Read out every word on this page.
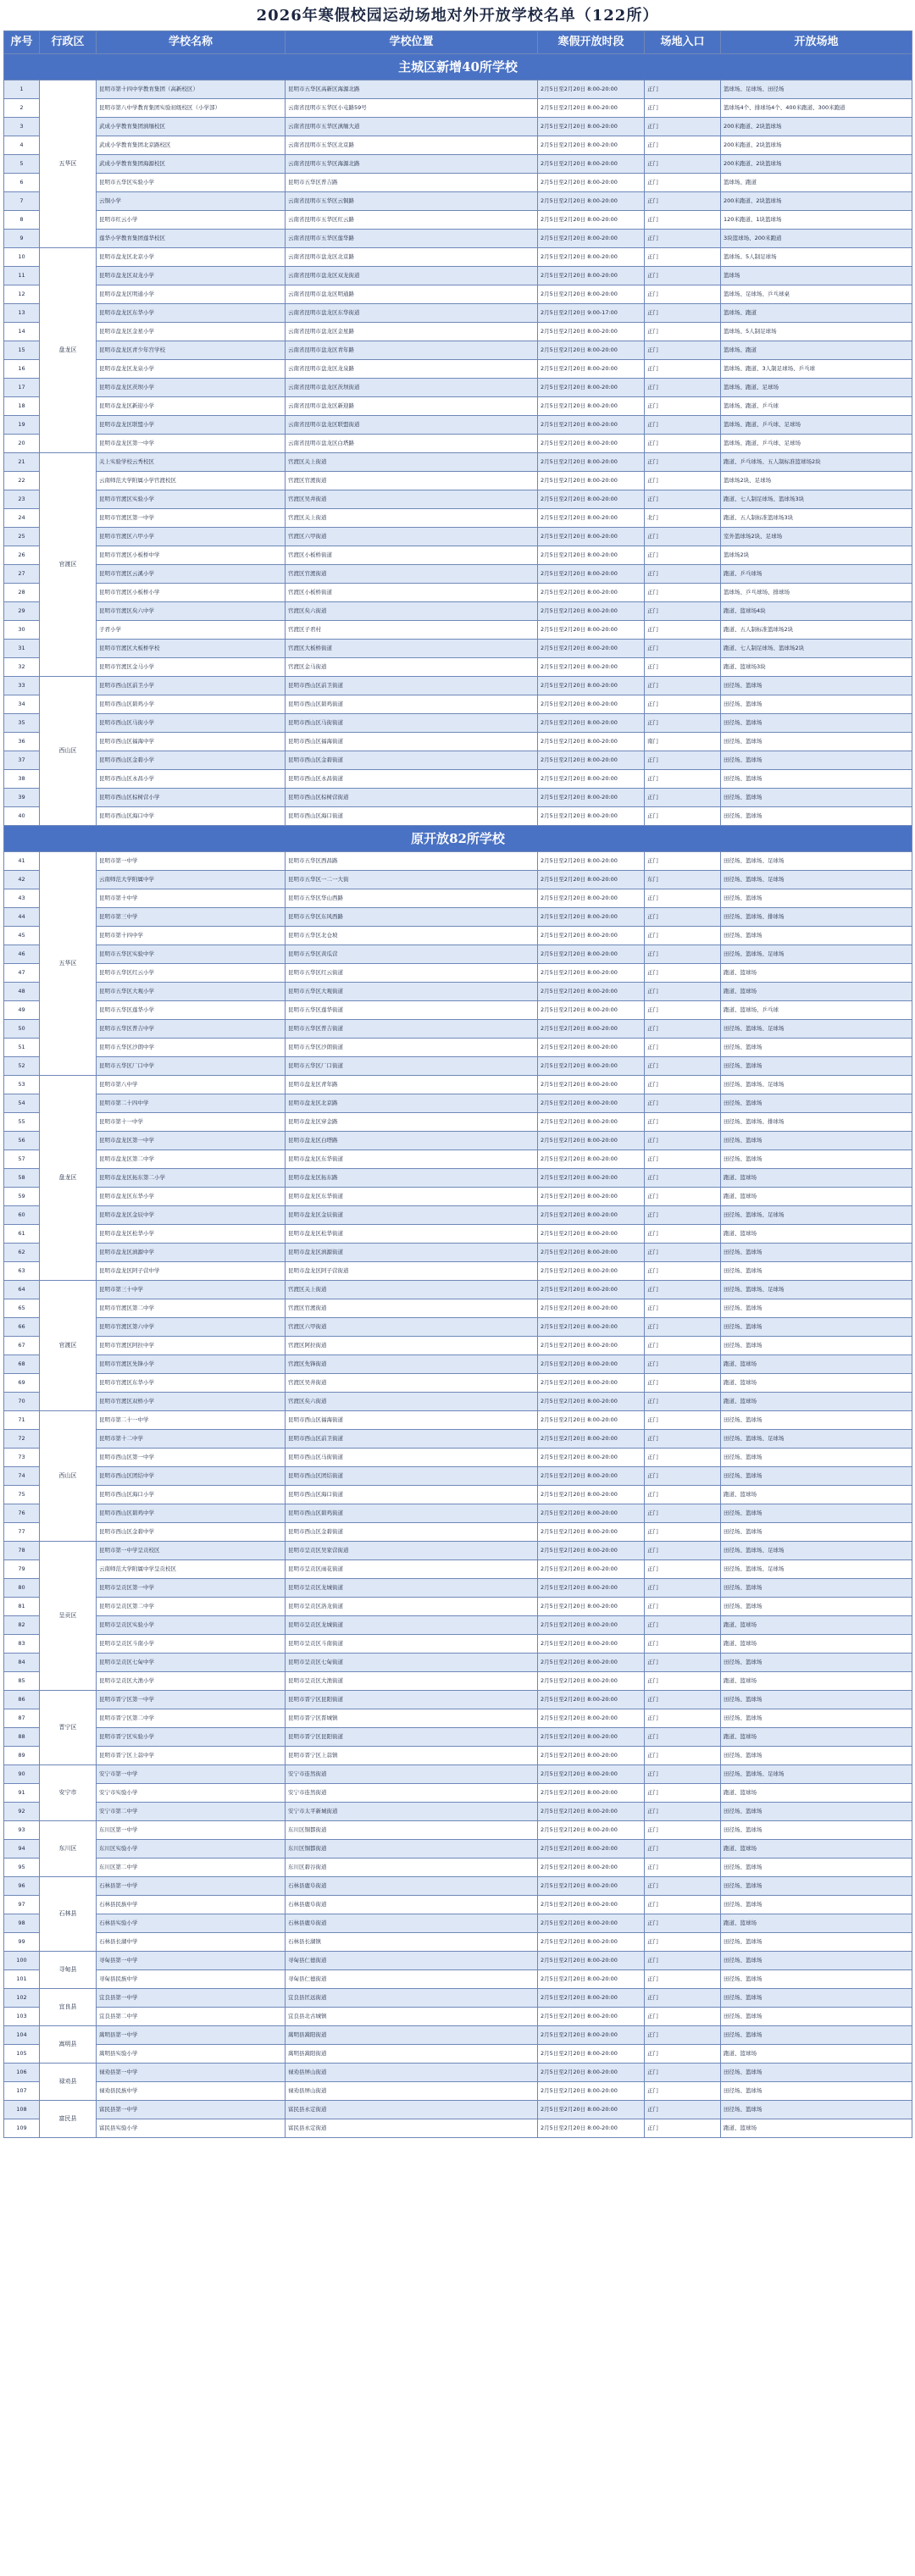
2026年寒假校园运动场地对外开放学校名单（122所）
序号	行政区	学校名称	学校位置	寒假开放时段	场地入口	开放场地
主城区新增40所学校						
1	五华区	昆明市第十四中学教育集团（高新校区）	昆明市五华区高新区海源北路	2月5日至2月20日 8:00-20:00	正门	篮球场、足球场、田径场
2		昆明市第八中学教育集团实验初级校区（小学部）	云南省昆明市五华区小屯路59号	2月5日至2月20日 8:00-20:00	正门	篮球场4个、排球场4个、400米跑道、300米跑道
3		武成小学教育集团滇缅校区	云南省昆明市五华区滇缅大道	2月5日至2月20日 8:00-20:00	正门	200米跑道、2块篮球场
4		武成小学教育集团北京路校区	云南省昆明市五华区北京路	2月5日至2月20日 8:00-20:00	正门	200米跑道、2块篮球场
5		武成小学教育集团海源校区	云南省昆明市五华区海源北路	2月5日至2月20日 8:00-20:00	正门	200米跑道、2块篮球场
6		昆明市五华区实验小学	昆明市五华区普吉路	2月5日至2月20日 8:00-20:00	正门	篮球场、跑道
7		云铜小学	云南省昆明市五华区云铜路	2月5日至2月20日 8:00-20:00	正门	200米跑道、2块篮球场
8		昆明市红云小学	云南省昆明市五华区红云路	2月5日至2月20日 8:00-20:00	正门	120米跑道、1块篮球场
9		莲华小学教育集团莲华校区	云南省昆明市五华区莲华路	2月5日至2月20日 8:00-20:00	正门	3块篮球场、200米跑道
10	盘龙区	昆明市盘龙区北京小学	云南省昆明市盘龙区北京路	2月5日至2月20日 8:00-20:00	正门	篮球场、5人制足球场
11		昆明市盘龙区双龙小学	云南省昆明市盘龙区双龙街道	2月5日至2月20日 8:00-20:00	正门	篮球场
12		昆明市盘龙区明通小学	云南省昆明市盘龙区明通路	2月5日至2月20日 8:00-20:00	正门	篮球场、足球场、乒乓球桌
13		昆明市盘龙区东华小学	云南省昆明市盘龙区东华街道	2月5日至2月20日 9:00-17:00	正门	篮球场、跑道
14		昆明市盘龙区金星小学	云南省昆明市盘龙区金星路	2月5日至2月20日 8:00-20:00	正门	篮球场、5人制足球场
15		昆明市盘龙区青少年宫学校	云南省昆明市盘龙区青年路	2月5日至2月20日 8:00-20:00	正门	篮球场、跑道
16		昆明市盘龙区龙泉小学	云南省昆明市盘龙区龙泉路	2月5日至2月20日 8:00-20:00	正门	篮球场、跑道、3人制足球场、乒乓球
17		昆明市盘龙区茨坝小学	云南省昆明市盘龙区茨坝街道	2月5日至2月20日 8:00-20:00	正门	篮球场、跑道、足球场
18		昆明市盘龙区新迎小学	云南省昆明市盘龙区新迎路	2月5日至2月20日 8:00-20:00	正门	篮球场、跑道、乒乓球
19		昆明市盘龙区联盟小学	云南省昆明市盘龙区联盟街道	2月5日至2月20日 8:00-20:00	正门	篮球场、跑道、乒乓球、足球场
20		昆明市盘龙区第一中学	云南省昆明市盘龙区白塔路	2月5日至2月20日 8:00-20:00	正门	篮球场、跑道、乒乓球、足球场
21	官渡区	关上实验学校云秀校区	官渡区关上街道	2月5日至2月20日 8:00-20:00	正门	跑道、乒乓球场、五人制标准篮球场2块
22		云南师范大学附属小学官渡校区	官渡区官渡街道	2月5日至2月20日 8:00-20:00	正门	篮球场2块、足球场
23		昆明市官渡区实验小学	官渡区吴井街道	2月5日至2月20日 8:00-20:00	正门	跑道、七人制足球场、篮球场3块
24		昆明市官渡区第一中学	官渡区关上街道	2月5日至2月20日 8:00-20:00	北门	跑道、五人制标准篮球场3块
25		昆明市官渡区六甲小学	官渡区六甲街道	2月5日至2月20日 8:00-20:00	正门	室外篮球场2块、足球场
26		昆明市官渡区小板桥中学	官渡区小板桥街道	2月5日至2月20日 8:00-20:00	正门	篮球场2块
27		昆明市官渡区云溪小学	官渡区官渡街道	2月5日至2月20日 8:00-20:00	正门	跑道、乒乓球场
28		昆明市官渡区小板桥小学	官渡区小板桥街道	2月5日至2月20日 8:00-20:00	正门	篮球场、乒乓球场、排球场
29		昆明市官渡区矣六中学	官渡区矣六街道	2月5日至2月20日 8:00-20:00	正门	跑道、篮球场4块
30		子君小学	官渡区子君村	2月5日至2月20日 8:00-20:00	正门	跑道、五人制标准篮球场2块
31		昆明市官渡区大板桥学校	官渡区大板桥街道	2月5日至2月20日 8:00-20:00	正门	跑道、七人制足球场、篮球场2块
32		昆明市官渡区金马小学	官渡区金马街道	2月5日至2月20日 8:00-20:00	正门	跑道、篮球场3块
33	西山区	昆明市西山区前卫小学	昆明市西山区前卫街道	2月5日至2月20日 8:00-20:00	正门	田径场、篮球场
34		昆明市西山区碧鸡小学	昆明市西山区碧鸡街道	2月5日至2月20日 8:00-20:00	正门	田径场、篮球场
35		昆明市西山区马街小学	昆明市西山区马街街道	2月5日至2月20日 8:00-20:00	正门	田径场、篮球场
36		昆明市西山区福海中学	昆明市西山区福海街道	2月5日至2月20日 8:00-20:00	南门	田径场、篮球场
37		昆明市西山区金碧小学	昆明市西山区金碧街道	2月5日至2月20日 8:00-20:00	正门	田径场、篮球场
38		昆明市西山区永昌小学	昆明市西山区永昌街道	2月5日至2月20日 8:00-20:00	正门	田径场、篮球场
39		昆明市西山区棕树营小学	昆明市西山区棕树营街道	2月5日至2月20日 8:00-20:00	正门	田径场、篮球场
40		昆明市西山区海口中学	昆明市西山区海口街道	2月5日至2月20日 8:00-20:00	正门	田径场、篮球场
原开放82所学校						
41	五华区	昆明市第一中学	昆明市五华区西昌路	2月5日至2月20日 8:00-20:00	正门	田径场、篮球场、足球场
42		云南师范大学附属中学	昆明市五华区一二一大街	2月5日至2月20日 8:00-20:00	东门	田径场、篮球场、足球场
43		昆明市第十中学	昆明市五华区华山西路	2月5日至2月20日 8:00-20:00	正门	田径场、篮球场
44		昆明市第三中学	昆明市五华区东风西路	2月5日至2月20日 8:00-20:00	正门	田径场、篮球场、排球场
45		昆明市第十四中学	昆明市五华区北仓坡	2月5日至2月20日 8:00-20:00	正门	田径场、篮球场
46		昆明市五华区实验中学	昆明市五华区黄瓜营	2月5日至2月20日 8:00-20:00	正门	田径场、篮球场、足球场
47		昆明市五华区红云小学	昆明市五华区红云街道	2月5日至2月20日 8:00-20:00	正门	跑道、篮球场
48		昆明市五华区大观小学	昆明市五华区大观街道	2月5日至2月20日 8:00-20:00	正门	跑道、篮球场
49		昆明市五华区莲华小学	昆明市五华区莲华街道	2月5日至2月20日 8:00-20:00	正门	跑道、篮球场、乒乓球
50		昆明市五华区普吉中学	昆明市五华区普吉街道	2月5日至2月20日 8:00-20:00	正门	田径场、篮球场、足球场
51		昆明市五华区沙朗中学	昆明市五华区沙朗街道	2月5日至2月20日 8:00-20:00	正门	田径场、篮球场
52		昆明市五华区厂口中学	昆明市五华区厂口街道	2月5日至2月20日 8:00-20:00	正门	田径场、篮球场
53	盘龙区	昆明市第八中学	昆明市盘龙区青年路	2月5日至2月20日 8:00-20:00	正门	田径场、篮球场、足球场
54		昆明市第二十四中学	昆明市盘龙区北京路	2月5日至2月20日 8:00-20:00	正门	田径场、篮球场
55		昆明市第十一中学	昆明市盘龙区穿金路	2月5日至2月20日 8:00-20:00	正门	田径场、篮球场、排球场
56		昆明市盘龙区第一中学	昆明市盘龙区白塔路	2月5日至2月20日 8:00-20:00	正门	田径场、篮球场
57		昆明市盘龙区第二中学	昆明市盘龙区东华街道	2月5日至2月20日 8:00-20:00	正门	田径场、篮球场
58		昆明市盘龙区拓东第二小学	昆明市盘龙区拓东路	2月5日至2月20日 8:00-20:00	正门	跑道、篮球场
59		昆明市盘龙区东华小学	昆明市盘龙区东华街道	2月5日至2月20日 8:00-20:00	正门	跑道、篮球场
60		昆明市盘龙区金辰中学	昆明市盘龙区金辰街道	2月5日至2月20日 8:00-20:00	正门	田径场、篮球场、足球场
61		昆明市盘龙区松华小学	昆明市盘龙区松华街道	2月5日至2月20日 8:00-20:00	正门	跑道、篮球场
62		昆明市盘龙区滇源中学	昆明市盘龙区滇源街道	2月5日至2月20日 8:00-20:00	正门	田径场、篮球场
63		昆明市盘龙区阿子营中学	昆明市盘龙区阿子营街道	2月5日至2月20日 8:00-20:00	正门	田径场、篮球场
64	官渡区	昆明市第三十中学	官渡区关上街道	2月5日至2月20日 8:00-20:00	正门	田径场、篮球场、足球场
65		昆明市官渡区第二中学	官渡区官渡街道	2月5日至2月20日 8:00-20:00	正门	田径场、篮球场
66		昆明市官渡区第六中学	官渡区六甲街道	2月5日至2月20日 8:00-20:00	正门	田径场、篮球场
67		昆明市官渡区阿拉中学	官渡区阿拉街道	2月5日至2月20日 8:00-20:00	正门	田径场、篮球场
68		昆明市官渡区先锋小学	官渡区先锋街道	2月5日至2月20日 8:00-20:00	正门	跑道、篮球场
69		昆明市官渡区东华小学	官渡区吴井街道	2月5日至2月20日 8:00-20:00	正门	跑道、篮球场
70		昆明市官渡区双桥小学	官渡区矣六街道	2月5日至2月20日 8:00-20:00	正门	跑道、篮球场
71	西山区	昆明市第二十一中学	昆明市西山区福海街道	2月5日至2月20日 8:00-20:00	正门	田径场、篮球场
72		昆明市第十二中学	昆明市西山区前卫街道	2月5日至2月20日 8:00-20:00	正门	田径场、篮球场、足球场
73		昆明市西山区第一中学	昆明市西山区马街街道	2月5日至2月20日 8:00-20:00	正门	田径场、篮球场
74		昆明市西山区团结中学	昆明市西山区团结街道	2月5日至2月20日 8:00-20:00	正门	田径场、篮球场
75		昆明市西山区海口小学	昆明市西山区海口街道	2月5日至2月20日 8:00-20:00	正门	跑道、篮球场
76		昆明市西山区碧鸡中学	昆明市西山区碧鸡街道	2月5日至2月20日 8:00-20:00	正门	田径场、篮球场
77		昆明市西山区金碧中学	昆明市西山区金碧街道	2月5日至2月20日 8:00-20:00	正门	田径场、篮球场
78	呈贡区	昆明市第一中学呈贡校区	昆明市呈贡区吴家营街道	2月5日至2月20日 8:00-20:00	正门	田径场、篮球场、足球场
79		云南师范大学附属中学呈贡校区	昆明市呈贡区雨花街道	2月5日至2月20日 8:00-20:00	正门	田径场、篮球场、足球场
80		昆明市呈贡区第一中学	昆明市呈贡区龙城街道	2月5日至2月20日 8:00-20:00	正门	田径场、篮球场
81		昆明市呈贡区第二中学	昆明市呈贡区洛龙街道	2月5日至2月20日 8:00-20:00	正门	田径场、篮球场
82		昆明市呈贡区实验小学	昆明市呈贡区龙城街道	2月5日至2月20日 8:00-20:00	正门	跑道、篮球场
83		昆明市呈贡区斗南小学	昆明市呈贡区斗南街道	2月5日至2月20日 8:00-20:00	正门	跑道、篮球场
84		昆明市呈贡区七甸中学	昆明市呈贡区七甸街道	2月5日至2月20日 8:00-20:00	正门	田径场、篮球场
85		昆明市呈贡区大渔小学	昆明市呈贡区大渔街道	2月5日至2月20日 8:00-20:00	正门	跑道、篮球场
86	晋宁区	昆明市晋宁区第一中学	昆明市晋宁区昆阳街道	2月5日至2月20日 8:00-20:00	正门	田径场、篮球场
87		昆明市晋宁区第二中学	昆明市晋宁区晋城镇	2月5日至2月20日 8:00-20:00	正门	田径场、篮球场
88		昆明市晋宁区实验小学	昆明市晋宁区昆阳街道	2月5日至2月20日 8:00-20:00	正门	跑道、篮球场
89		昆明市晋宁区上蒜中学	昆明市晋宁区上蒜镇	2月5日至2月20日 8:00-20:00	正门	田径场、篮球场
90	安宁市	安宁市第一中学	安宁市连然街道	2月5日至2月20日 8:00-20:00	正门	田径场、篮球场、足球场
91		安宁市实验小学	安宁市连然街道	2月5日至2月20日 8:00-20:00	正门	跑道、篮球场
92		安宁市第二中学	安宁市太平新城街道	2月5日至2月20日 8:00-20:00	正门	田径场、篮球场
93	东川区	东川区第一中学	东川区铜都街道	2月5日至2月20日 8:00-20:00	正门	田径场、篮球场
94		东川区实验小学	东川区铜都街道	2月5日至2月20日 8:00-20:00	正门	跑道、篮球场
95		东川区第二中学	东川区碧谷街道	2月5日至2月20日 8:00-20:00	正门	田径场、篮球场
96	石林县	石林县第一中学	石林县鹿阜街道	2月5日至2月20日 8:00-20:00	正门	田径场、篮球场
97		石林县民族中学	石林县鹿阜街道	2月5日至2月20日 8:00-20:00	正门	田径场、篮球场
98		石林县实验小学	石林县鹿阜街道	2月5日至2月20日 8:00-20:00	正门	跑道、篮球场
99		石林县长湖中学	石林县长湖镇	2月5日至2月20日 8:00-20:00	正门	田径场、篮球场
100	寻甸县	寻甸县第一中学	寻甸县仁德街道	2月5日至2月20日 8:00-20:00	正门	田径场、篮球场
101		寻甸县民族中学	寻甸县仁德街道	2月5日至2月20日 8:00-20:00	正门	田径场、篮球场
102	宜良县	宜良县第一中学	宜良县匡远街道	2月5日至2月20日 8:00-20:00	正门	田径场、篮球场
103		宜良县第二中学	宜良县北古城镇	2月5日至2月20日 8:00-20:00	正门	田径场、篮球场
104	嵩明县	嵩明县第一中学	嵩明县嵩阳街道	2月5日至2月20日 8:00-20:00	正门	田径场、篮球场
105		嵩明县实验小学	嵩明县嵩阳街道	2月5日至2月20日 8:00-20:00	正门	跑道、篮球场
106	禄劝县	禄劝县第一中学	禄劝县屏山街道	2月5日至2月20日 8:00-20:00	正门	田径场、篮球场
107		禄劝县民族中学	禄劝县屏山街道	2月5日至2月20日 8:00-20:00	正门	田径场、篮球场
108	富民县	富民县第一中学	富民县永定街道	2月5日至2月20日 8:00-20:00	正门	田径场、篮球场
109		富民县实验小学	富民县永定街道	2月5日至2月20日 8:00-20:00	正门	跑道、篮球场
